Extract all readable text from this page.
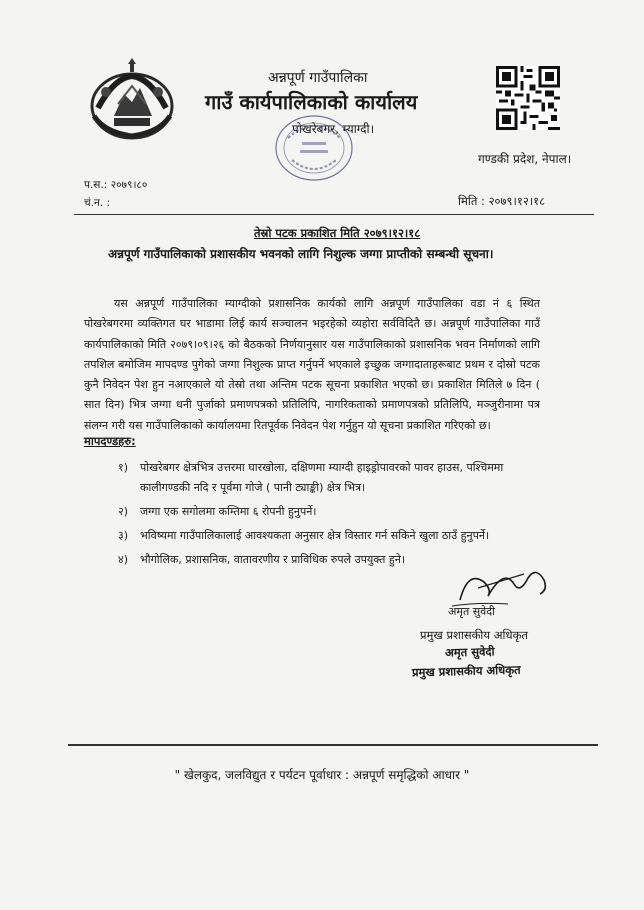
अन्नपूर्ण गाउँपालिका
गाउँ कार्यपालिकाको कार्यालय
पोखरेबगर, म्याग्दी।
गण्डकी प्रदेश, नेपाल।
प.स.: २०७९।८०
चं.न. :	मिति : २०७९।१२।१८
तेस्रो पटक प्रकाशित मिति २०७९।१२।१८
अन्नपूर्ण गाउँपालिकाको प्रशासकीय भवनको लागि निशुल्क जग्गा प्राप्तीको सम्बन्धी सूचना।

यस अन्नपूर्ण गाउँपालिका म्याग्दीको प्रशासनिक कार्यको लागि अन्नपूर्ण गाउँपालिका वडा नं ६ स्थित पोखरेबगरमा व्यक्तिगत घर भाडामा लिई कार्य सञ्चालन भइरहेको व्यहोरा सर्वविदितै छ। अन्नपूर्ण गाउँपालिका गाउँ कार्यपालिकाको मिति २०७९।०९।२६ को बैठकको निर्णयानुसार यस गाउँपालिकाको प्रशासनिक भवन निर्माणको लागि तपशिल बमोजिम मापदण्ड पुगेको जग्गा निशुल्क प्राप्त गर्नुपर्ने भएकाले इच्छुक जग्गादाताहरूबाट प्रथम र दोस्रो पटक कुनै निवेदन पेश हुन नआएकाले यो तेस्रो तथा अन्तिम पटक सूचना प्रकाशित भएको छ। प्रकाशित मितिले ७ दिन ( सात दिन) भित्र जग्गा धनी पुर्जाको प्रमाणपत्रको प्रतिलिपि, नागरिकताको प्रमाणपत्रको प्रतिलिपि, मञ्जुरीनामा पत्र संलग्न गरी यस गाउँपालिकाको कार्यालयमा रितपूर्वक निवेदन पेश गर्नुहुन यो सूचना प्रकाशित गरिएको छ।

मापदण्डहरु:
१)	पोखरेबगर क्षेत्रभित्र उत्तरमा घारखोला, दक्षिणमा म्याग्दी हाइड्रोपावरको पावर हाउस, पश्चिममा कालीगण्डकी नदि र पूर्वमा गोजे ( पानी ट्याङ्की) क्षेत्र भित्र।
२)	जग्गा एक सगोलमा कम्तिमा ६ रोपनी हुनुपर्ने।
३)	भविष्यमा गाउँपालिकालाई आवश्यकता अनुसार क्षेत्र विस्तार गर्न सकिने खुला ठाउँ हुनुपर्ने।
४)	भौगोलिक, प्रशासनिक, वातावरणीय र प्राविधिक रुपले उपयुक्त हुने।
अमृत सुवेदी
प्रमुख प्रशासकीय अधिकृत
अमृत सुवेदी
प्रमुख प्रशासकीय अधिकृत
" खेलकुद, जलविद्युत र पर्यटन पूर्वाधार : अन्नपूर्ण समृद्धिको आधार "
